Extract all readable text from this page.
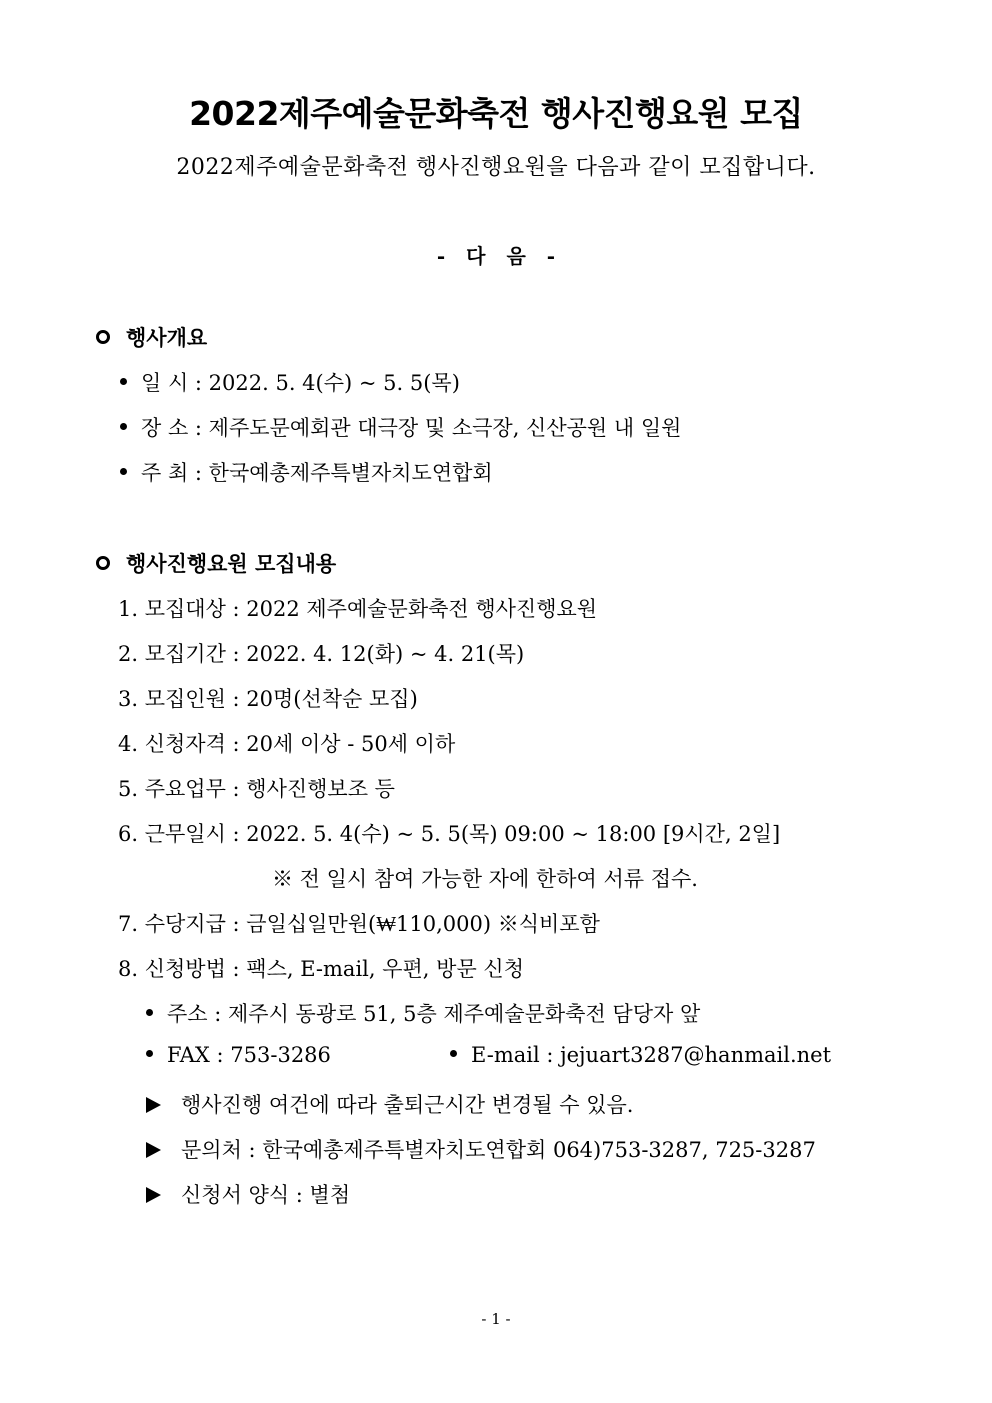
2022제주예술문화축전 행사진행요원 모집
2022제주예술문화축전 행사진행요원을 다음과 같이 모집합니다.
- 다 음 -
행사개요
일 시 : 2022. 5. 4(수) ~ 5. 5(목)
장 소 : 제주도문예회관 대극장 및 소극장, 신산공원 내 일원
주 최 : 한국예총제주특별자치도연합회
행사진행요원 모집내용
1. 모집대상 : 2022 제주예술문화축전 행사진행요원
2. 모집기간 : 2022. 4. 12(화) ~ 4. 21(목)
3. 모집인원 : 20명(선착순 모집)
4. 신청자격 : 20세 이상 - 50세 이하
5. 주요업무 : 행사진행보조 등
6. 근무일시 : 2022. 5. 4(수) ~ 5. 5(목) 09:00 ~ 18:00 [9시간, 2일]
※ 전 일시 참여 가능한 자에 한하여 서류 접수.
7. 수당지급 : 금일십일만원(₩110,000) ※식비포함
8. 신청방법 : 팩스, E-mail, 우편, 방문 신청
주소 : 제주시 동광로 51, 5층 제주예술문화축전 담당자 앞
FAX : 753-3286	E-mail : jejuart3287@hanmail.net
행사진행 여건에 따라 출퇴근시간 변경될 수 있음.
문의처 : 한국예총제주특별자치도연합회 064)753-3287, 725-3287
신청서 양식 : 별첨
- 1 -
